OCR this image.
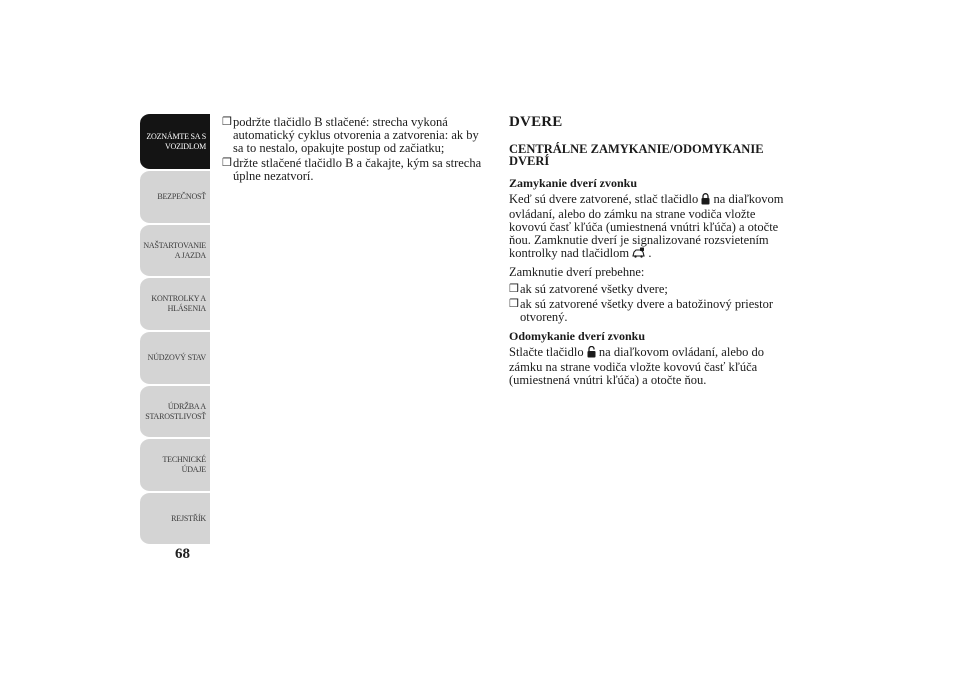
ZOZNÁMTE SA S
VOZIDLOM
BEZPEČNOSŤ
NAŠTARTOVANIE
A JAZDA
KONTROLKY A
HLÁSENIA
NÚDZOVÝ STAV
ÚDRŽBA A
STAROSTLIVOSŤ
TECHNICKÉ
ÚDAJE
REJSTŘÍK
68
❒ podržte tlačidlo B stlačené: strecha vykoná automatický cyklus otvorenia a zatvorenia: ak by sa to nestalo, opakujte postup od začiatku;
❒ držte stlačené tlačidlo B a čakajte, kým sa strecha úplne nezatvorí.
DVERE
CENTRÁLNE ZAMYKANIE/ODOMYKANIE DVERÍ
Zamykanie dverí zvonku

Keď sú dvere zatvorené, stlač tlačidlo na diaľkovom ovládaní, alebo do zámku na strane vodiča vložte kovovú časť kľúča (umiestnená vnútri kľúča) a otočte ňou. Zamknutie dverí je signalizované rozsvietením kontrolky nad tlačidlom .

Zamknutie dverí prebehne:

❒ ak sú zatvorené všetky dvere;
❒ ak sú zatvorené všetky dvere a batožinový priestor otvorený.
Odomykanie dverí zvonku

Stlačte tlačidlo na diaľkovom ovládaní, alebo do zámku na strane vodiča vložte kovovú časť kľúča (umiestnená vnútri kľúča) a otočte ňou.
